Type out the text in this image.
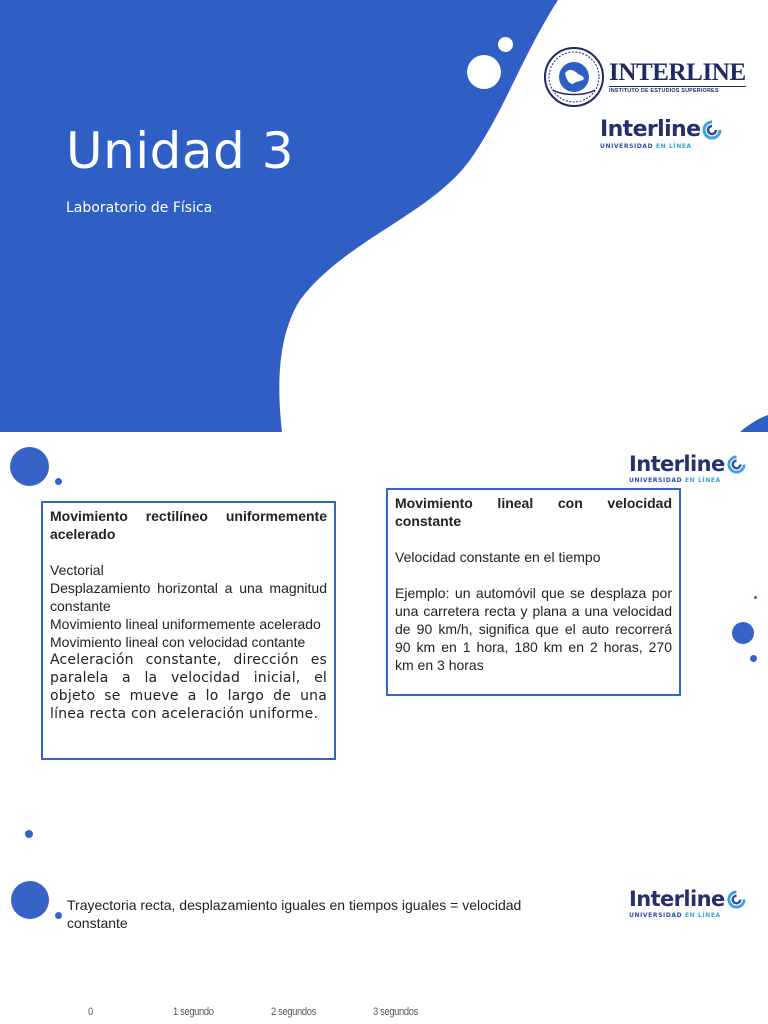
Unidad 3

Laboratorio de Física

INTERLINE
INSTITUTO DE ESTUDIOS SUPERIORES
Interline
UNIVERSIDAD EN LÍNEA
Interline
UNIVERSIDAD EN LÍNEA

Movimiento rectilíneo uniformemente acelerado

Vectorial

Desplazamiento horizontal a una magnitud constante

Movimiento lineal uniformemente acelerado

Movimiento lineal con velocidad contante

Aceleración constante, dirección es paralela a la velocidad inicial, el objeto se mueve a lo largo de una línea recta con aceleración uniforme.

Movimiento lineal con velocidad constante

Velocidad constante en el tiempo

Ejemplo: un automóvil que se desplaza por una carretera recta y plana a una velocidad de 90 km/h, significa que el auto recorrerá 90 km en 1 hora, 180 km en 2 horas, 270 km en 3 horas

Trayectoria recta, desplazamiento iguales en tiempos iguales = velocidad constante

Interline
UNIVERSIDAD EN LÍNEA
0	1 segundo	2 segundos	3 segundos
